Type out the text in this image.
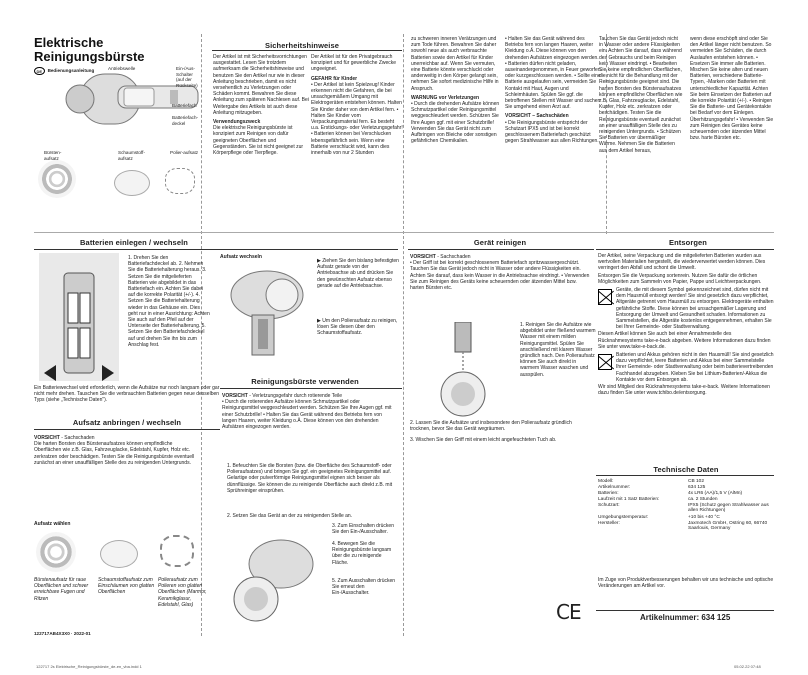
Elektrische Reinigungsbürste
DE	Bedienungsanleitung	Antriebswelle	Ein-/Aus-Schalter (auf der Rückseite)
Batteriefach
Batteriefach-deckel
Bürsten-aufsatz
Schaumstoff-aufsatz
Polier-aufsatz
Sicherheitshinweise
Der Artikel ist mit Sicherheitsvorrichtungen ausgestattet. Lesen Sie trotzdem aufmerksam die Sicherheitshinweise und benutzen Sie den Artikel nur wie in dieser Anleitung beschrieben, damit es nicht versehentlich zu Verletzungen oder Schäden kommt. Bewahren Sie diese Anleitung zum späteren Nachlesen auf. Bei Weitergabe des Artikels ist auch diese Anleitung mitzugeben.
Verwendungszweck
Die elektrische Reinigungsbürste ist konzipiert zum Reinigen von dafür geeigneten Oberflächen und Gegenständen. Sie ist nicht geeignet zur Körperpflege oder Tierpflege.
Der Artikel ist für den Privatgebrauch konzipiert und für gewerbliche Zwecke ungeeignet.
GEFAHR für Kinder
• Der Artikel ist kein Spielzeug! Kinder erkennen nicht die Gefahren, die bei unsachgemäßem Umgang mit Elektrogeräten entstehen können. Halten Sie Kinder daher von dem Artikel fern. • Halten Sie Kinder vom Verpackungsmaterial fern. Es besteht u.a. Erstickungs- oder Verletzungsgefahr! • Batterien können bei Verschlucken lebensgefährlich sein. Wenn eine Batterie verschluckt wird, kann dies innerhalb von nur 2 Stunden
zu schweren inneren Verätzungen und zum Tode führen. Bewahren Sie daher sowohl neue als auch verbrauchte Batterien sowie den Artikel für Kinder unerreichbar auf. Wenn Sie vermuten, eine Batterie könnte verschluckt oder anderweitig in den Körper gelangt sein, nehmen Sie sofort medizinische Hilfe in Anspruch.
WARNUNG vor Verletzungen
• Durch die drehenden Aufsätze können Schmutzpartikel oder Reinigungsmittel weggeschleudert werden. Schützen Sie Ihre Augen ggf. mit einer Schutzbrille! Verwenden Sie das Gerät nicht zum Aufbringen von Bleiche oder sonstigen gefährlichen Chemikalien.
• Halten Sie das Gerät während des Betriebs fern von langen Haaren, weiter Kleidung o.Ä. Diese können von den drehenden Aufsätzen eingezogen werden. • Batterien dürfen nicht geladen, auseinandergenommen, in Feuer geworfen oder kurzgeschlossen werden. • Sollte eine Batterie ausgelaufen sein, vermeiden Sie Kontakt mit Haut, Augen und Schleimhäuten. Spülen Sie ggf. die betroffenen Stellen mit Wasser und suchen Sie umgehend einen Arzt auf.
VORSICHT – Sachschäden
• Die Reinigungsbürste entspricht der Schutzart IPX5 und ist bei korrekt geschlossenem Batteriefach geschützt gegen Strahlwasser aus allen Richtungen.
Tauchen Sie das Gerät jedoch nicht in Wasser oder andere Flüssigkeiten ein. Achten Sie darauf, dass während des Gebrauchs und beim Reinigen kein Wasser eindringt. • Bearbeiten Sie keine empfindlichen Oberflächen, die nicht für die Behandlung mit der Reinigungsbürste geeignet sind. Die harten Borsten des Bürstenaufsatzes können empfindliche Oberflächen wie z.B. Glas, Fahrzeuglacke, Edelstahl, Kupfer, Holz etc. zerkratzen oder beschädigen. Testen Sie die Reinigungsbürste eventuell zunächst an einer unauffälligen Stelle des zu reinigenden Untergrunds. • Schützen Sie Batterien vor übermäßiger Wärme. Nehmen Sie die Batterien aus dem Artikel heraus,
wenn diese erschöpft sind oder Sie den Artikel länger nicht benutzen. So vermeiden Sie Schäden, die durch Auslaufen entstehen können. • Ersetzen Sie immer alle Batterien. Mischen Sie keine alten und neuen Batterien, verschiedene Batterie- Typen, -Marken oder Batterien mit unterschiedlicher Kapazität. Achten Sie beim Einsetzen der Batterien auf die korrekte Polarität (+/-). • Reinigen Sie die Batterie- und Gerätekontakte bei Bedarf vor dem Einlegen. Überhitzungsgefahr! • Verwenden Sie zum Reinigen des Gerätes keine scheuernden oder ätzenden Mittel bzw. harte Bürsten etc.
Batterien einlegen / wechseln
1. Drehen Sie den Batteriefachdeckel ab. 2. Nehmen Sie die Batteriehalterung heraus. 3. Setzen Sie die mitgelieferten Batterien wie abgebildet in das Batteriefach ein. Achten Sie dabei auf die korrekte Polarität (+/-). 4. Setzen Sie die Batteriehalterung wieder in das Gehäuse ein. Dies geht nur in einer Ausrichtung: Achten Sie auch auf den Pfeil auf der Unterseite der Batteriehalterung. 5. Setzen Sie den Batteriefachdeckel auf und drehen Sie ihn bis zum Anschlag fest.
Ein Batteriewechsel wird erforderlich, wenn die Aufsätze nur noch langsam oder gar nicht mehr drehen. Tauschen Sie die verbrauchten Batterien gegen neue desselben Typs (siehe „Technische Daten").
Aufsatz anbringen / wechseln
VORSICHT - Sachschaden
Die harten Borsten des Bürstenaufsatzes können empfindliche Oberflächen wie z.B. Glas, Fahrzeuglacke, Edelstahl, Kupfer, Holz etc. zerkratzen oder beschädigen. Testen Sie die Reinigungsbürste eventuell zunächst an einer unauffälligen Stelle des zu reinigenden Untergrunds.
Aufsatz wählen
Bürstenaufsatz für raue Oberflächen und schwer erreichbare Fugen und Ritzen
Schaumstoffaufsatz zum Einschäumen von glatten Oberflächen
Polieraufsatz zum Polieren von glatten Oberflächen (Marmor, Keramikglasur, Edelstahl, Glas)
122717AB4X3X0 · 2022-01
Aufsatz wechseln
▶ Ziehen Sie den bislang befestigten Aufsatz gerade von der Antriebsachse ab und drücken Sie den gewünschten Aufsatz ebenso gerade auf die Antriebsachse.
▶ Um den Polieraufsatz zu reinigen, lösen Sie diesen über den Schaumstoffaufsatz.
Reinigungsbürste verwenden
VORSICHT - Verletzungsgefahr durch rotierende Teile
• Durch die rotierenden Aufsätze können Schmutzpartikel oder Reinigungsmittel weggeschleudert werden. Schützen Sie Ihre Augen ggf. mit einer Schutzbrille! • Halten Sie das Gerät während des Betriebs fern von langen Haaren, weiter Kleidung o.Ä. Diese können von den drehenden Aufsätzen eingezogen werden.
1. Befeuchten Sie die Borsten (bzw. die Oberfläche des Schaumstoff- oder Polieraufsatzes) und bringen Sie ggf. ein geeignetes Reinigungsmittel auf. Gelartige oder pulverförmige Reinigungsmittel eignen sich besser als dünnflüssige. Sie können die zu reinigende Oberfläche auch direkt z.B. mit Sprühreiniger einsprühen.
2. Setzen Sie das Gerät an der zu reinigenden Stelle an.
3. Zum Einschalten drücken Sie den Ein-/Ausschalter.
4. Bewegen Sie die Reinigungsbürste langsam über die zu reinigende Fläche.
5. Zum Ausschalten drücken Sie erneut den Ein-/Ausschalter.
Gerät reinigen
VORSICHT - Sachschaden
• Der Griff ist bei korrekt geschlossenem Batteriefach spritzwassergeschützt. Tauchen Sie das Gerät jedoch nicht in Wasser oder andere Flüssigkeiten ein. Achten Sie darauf, dass kein Wasser in die Antriebsachse eindringt. • Verwenden Sie zum Reinigen des Geräts keine scheuernden oder ätzenden Mittel bzw. harten Bürsten etc.
1. Reinigen Sie die Aufsätze wie abgebildet unter fließend warmem Wasser mit einem milden Reinigungsmittel. Spülen Sie anschließend mit klarem Wasser gründlich nach. Den Polieraufsatz können Sie auch direkt in warmem Wasser waschen und ausspülen.
2. Lassen Sie die Aufsätze und insbesondere den Polieraufsatz gründlich trocknen, bevor Sie das Gerät wegräumen.
3. Wischen Sie den Griff mit einem leicht angefeuchteten Tuch ab.
Entsorgen
Der Artikel, seine Verpackung und die mitgelieferten Batterien wurden aus wertvollen Materialien hergestellt, die wiederverwertet werden können. Dies verringert den Abfall und schont die Umwelt.
Entsorgen Sie die Verpackung sortenrein. Nutzen Sie dafür die örtlichen Möglichkeiten zum Sammeln von Papier, Pappe und Leichtverpackungen.
Geräte, die mit diesem Symbol gekennzeichnet sind, dürfen nicht mit dem Hausmüll entsorgt werden! Sie sind gesetzlich dazu verpflichtet, Altgeräte getrennt vom Hausmüll zu entsorgen. Elektrogeräte enthalten gefährliche Stoffe. Diese können bei unsachgemäßer Lagerung und Entsorgung der Umwelt und Gesundheit schaden. Informationen zu Sammelstellen, die Altgeräte kostenlos entgegennehmen, erhalten Sie bei Ihrer Gemeinde- oder Stadtverwaltung.
Diesen Artikel können Sie auch bei einer Annahmestelle des Rücknahmesystems take-e-back abgeben. Weitere Informationen dazu finden Sie unter www.take-e-back.de.
Batterien und Akkus gehören nicht in den Hausmüll! Sie sind gesetzlich dazu verpflichtet, leere Batterien und Akkus bei einer Sammelstelle Ihrer Gemeinde- oder Stadtverwaltung oder beim batterievertreibenden Fachhandel abzugeben. Kleben Sie bei Lithium-Batterien/-Akkus die Kontakte vor dem Entsorgen ab.
Wir sind Mitglied des Rücknahmesystems take-e-back. Weitere Informationen dazu finden Sie unter www.tchibo.de/entsorgung.
Technische Daten
Modell:	CB 102
Artikelnummer:	634 125
Batterien:	4x LR6 (AA)/1,5 V (AlMn)
Laufzeit mit 1 Satz Batterien:	ca. 2 Stunden
Schutzart:	IPX5 (Schutz gegen Strahlwasser aus allen Richtungen)
Umgebungstemperatur:	+10 bis +40 °C
Hersteller:	Jaxmotech GmbH, Ostring 60, 66740 Saarlouis, Germany
Im Zuge von Produktverbesserungen behalten wir uns technische und optische Veränderungen am Artikel vor.
CE	Artikelnummer: 634 125
122717 2s Elektrische_Reinigungsbürste_de-en_vba.indd 1	05.02.22 07:48
